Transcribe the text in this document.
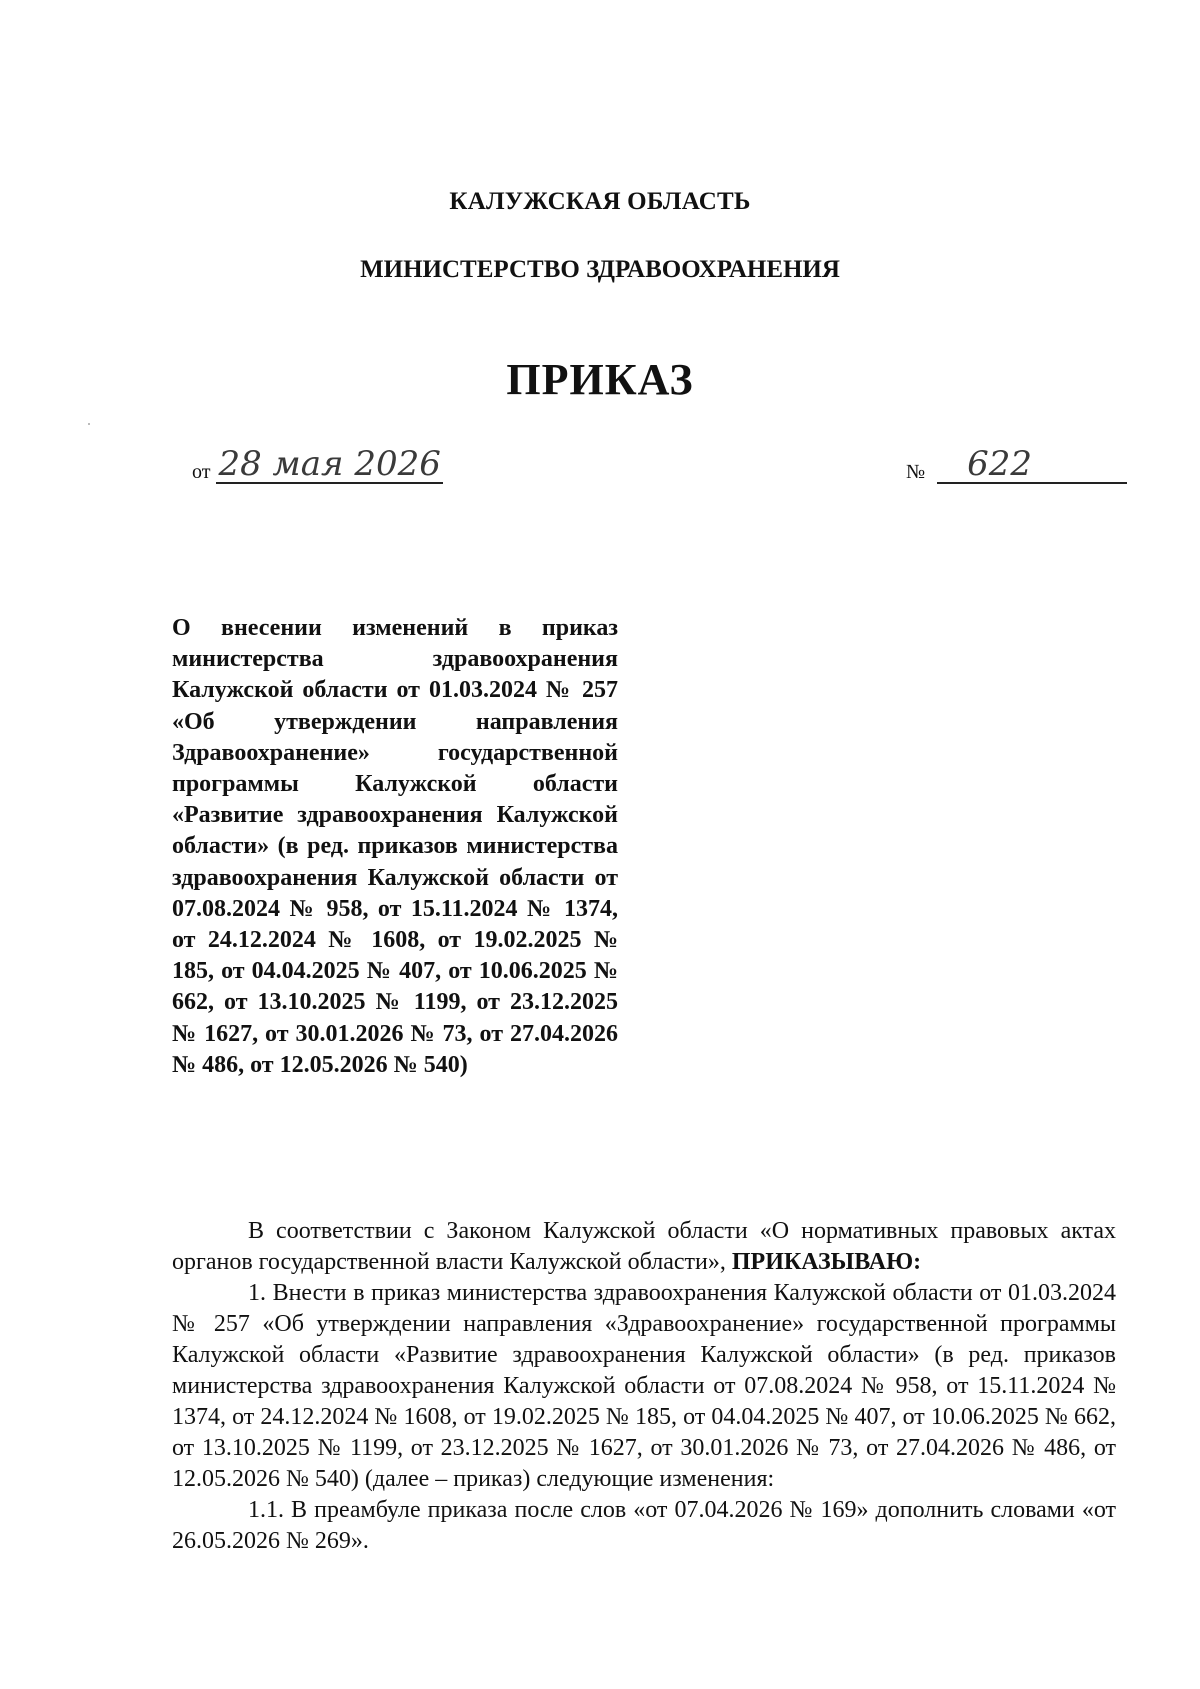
КАЛУЖСКАЯ ОБЛАСТЬ
МИНИСТЕРСТВО ЗДРАВООХРАНЕНИЯ
ПРИКАЗ
от 28 мая 2026	№	622
О внесении изменений в приказ министерства здравоохранения Калужской области от 01.03.2024 № 257 «Об утверждении направления Здравоохранение» государственной программы Калужской области «Развитие здравоохранения Калужской области» (в ред. приказов министерства здравоохранения Калужской области от 07.08.2024 № 958, от 15.11.2024 № 1374, от 24.12.2024 № 1608, от 19.02.2025 № 185, от 04.04.2025 № 407, от 10.06.2025 № 662, от 13.10.2025 № 1199, от 23.12.2025 № 1627, от 30.01.2026 № 73, от 27.04.2026 № 486, от 12.05.2026 № 540)

В соответствии с Законом Калужской области «О нормативных правовых актах органов государственной власти Калужской области», ПРИКАЗЫВАЮ:

1. Внести в приказ министерства здравоохранения Калужской области от 01.03.2024 № 257 «Об утверждении направления «Здравоохранение» государственной программы Калужской области «Развитие здравоохранения Калужской области» (в ред. приказов министерства здравоохранения Калужской области от 07.08.2024 № 958, от 15.11.2024 № 1374, от 24.12.2024 № 1608, от 19.02.2025 № 185, от 04.04.2025 № 407, от 10.06.2025 № 662, от 13.10.2025 № 1199, от 23.12.2025 № 1627, от 30.01.2026 № 73, от 27.04.2026 № 486, от 12.05.2026 № 540) (далее – приказ) следующие изменения:

1.1. В преамбуле приказа после слов «от 07.04.2026 № 169» дополнить словами «от 26.05.2026 № 269».
